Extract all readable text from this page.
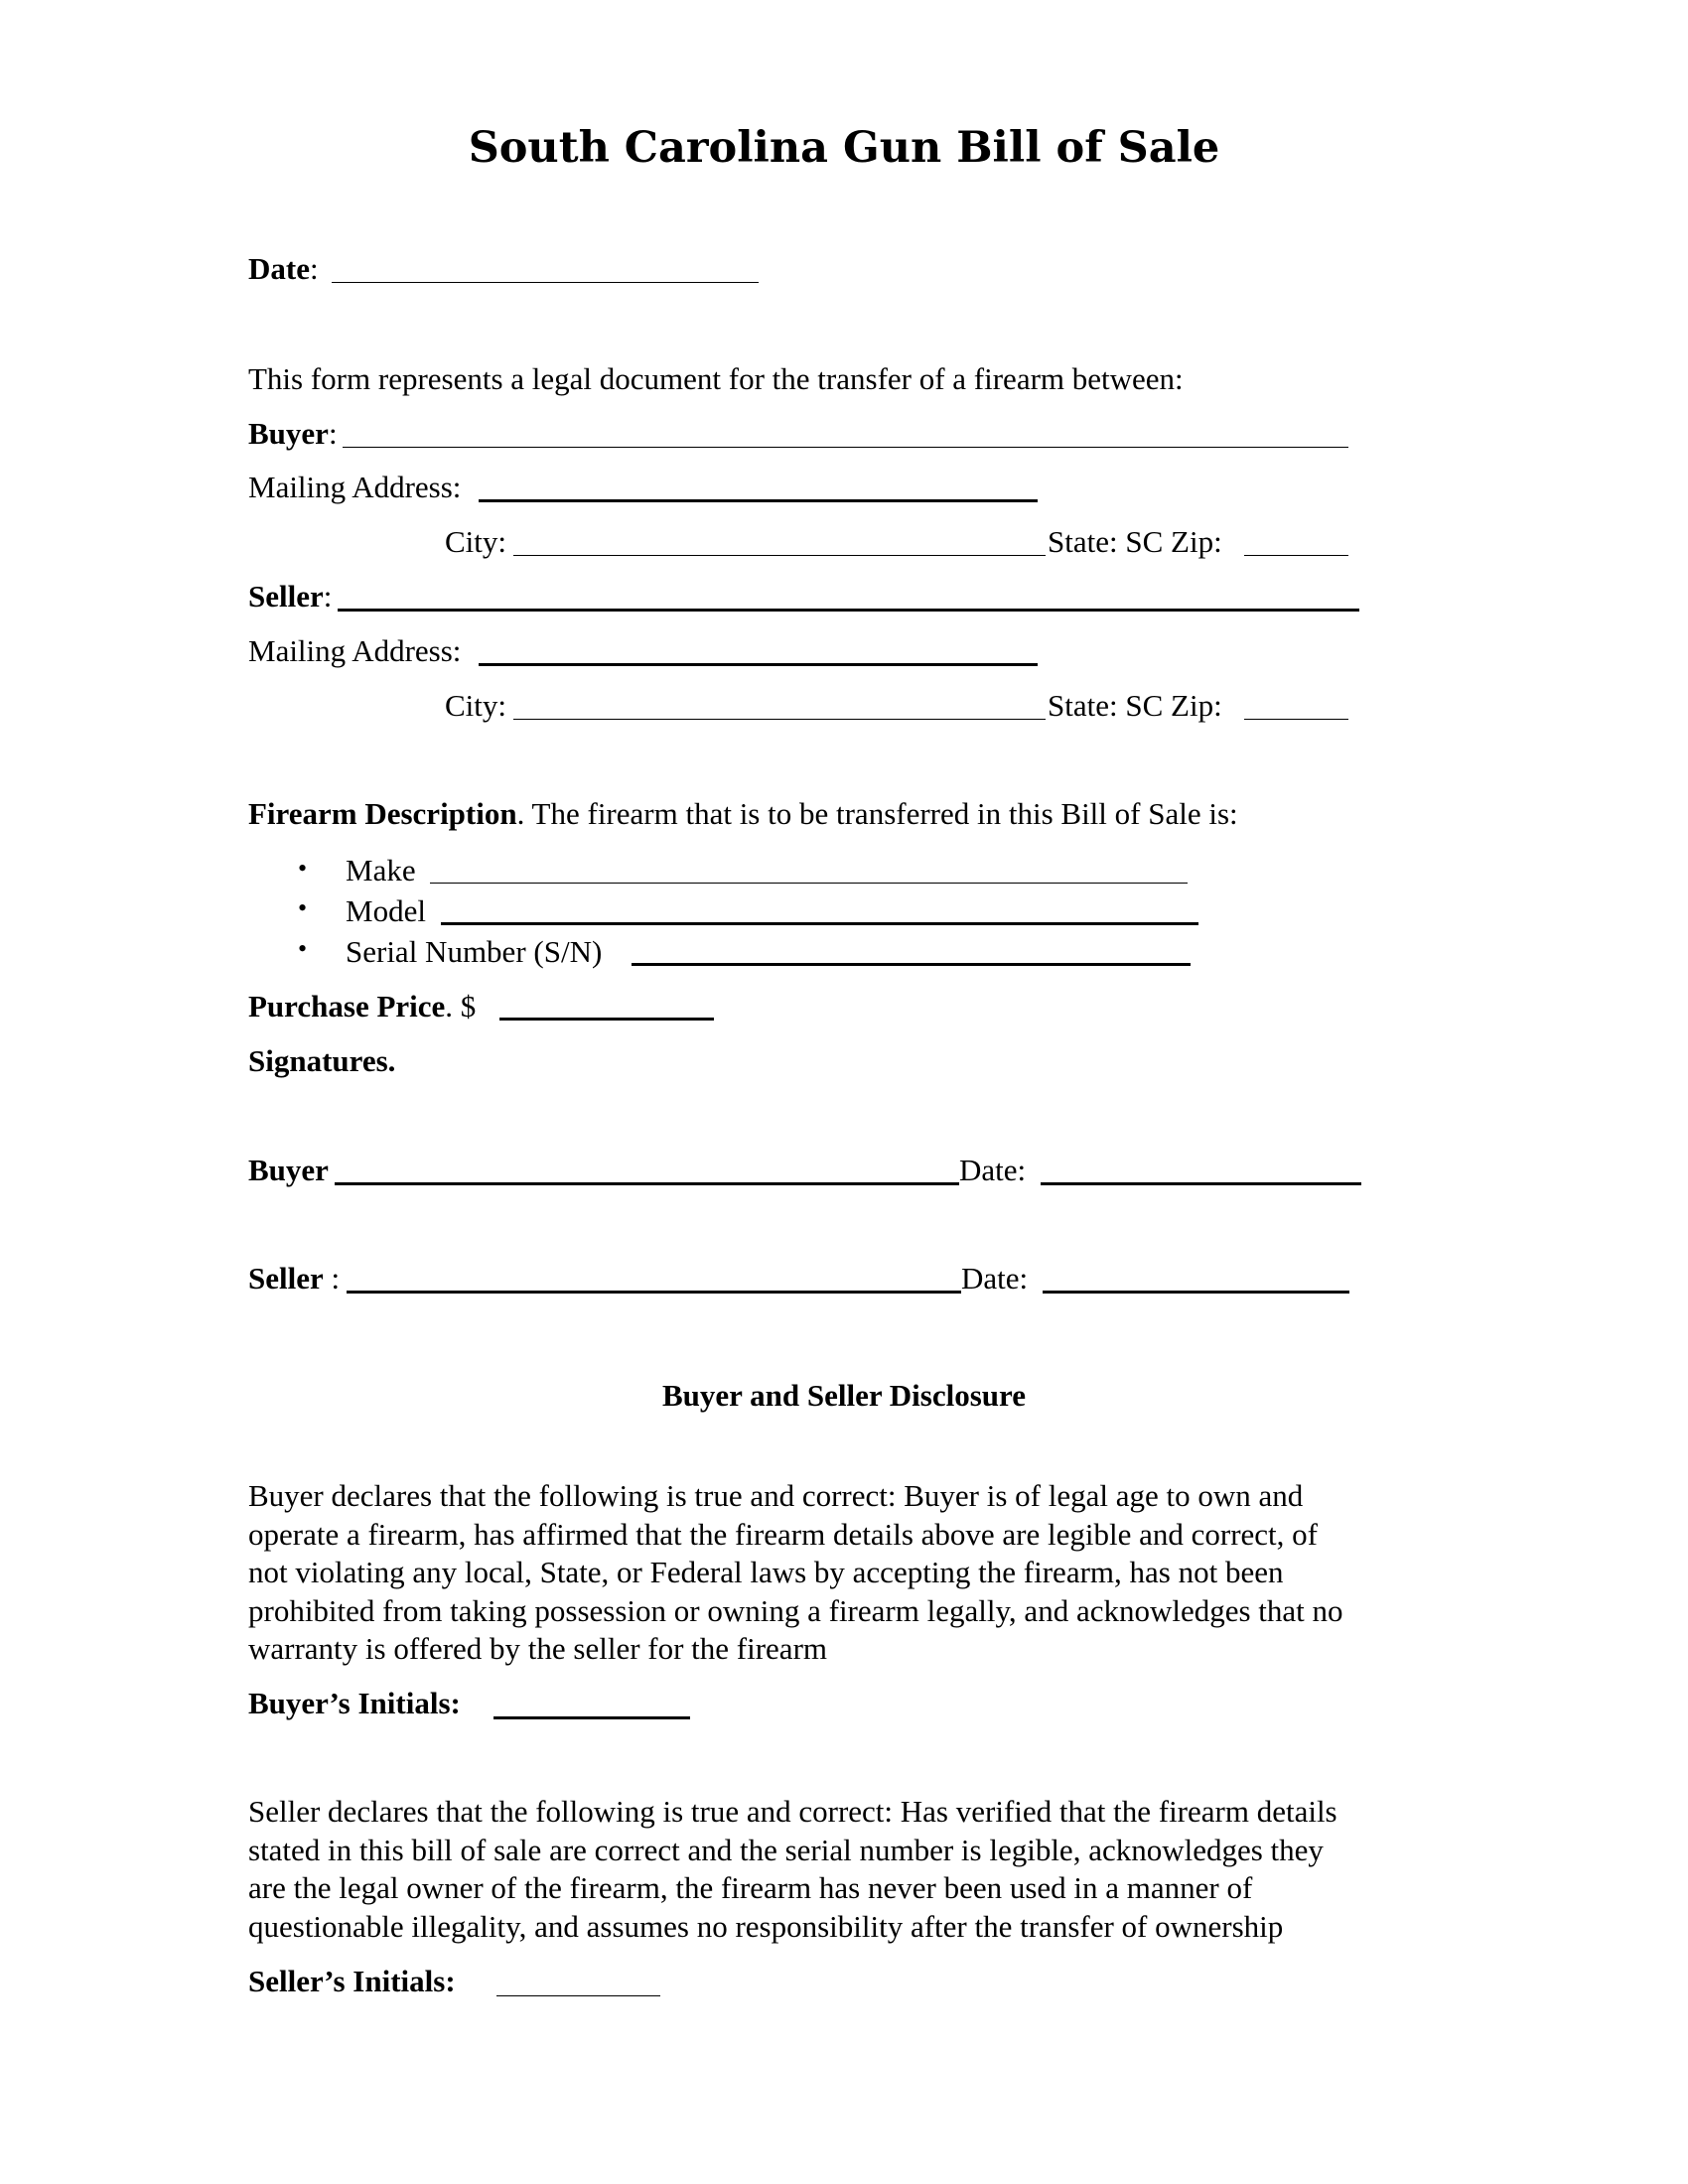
South Carolina Gun Bill of Sale
Date:
This form represents a legal document for the transfer of a firearm between:
Buyer:
Mailing Address:
City:	State: SC Zip:
Seller:
Mailing Address:
City:	State: SC Zip:
Firearm Description. The firearm that is to be transferred in this Bill of Sale is:
• Make
• Model
• Serial Number (S/N)
Purchase Price. $
Signatures.
Buyer	Date:
Seller :	Date:
Buyer and Seller Disclosure
Buyer declares that the following is true and correct: Buyer is of legal age to own and
operate a firearm, has affirmed that the firearm details above are legible and correct, of
not violating any local, State, or Federal laws by accepting the firearm, has not been
prohibited from taking possession or owning a firearm legally, and acknowledges that no
warranty is offered by the seller for the firearm
Buyer’s Initials:
Seller declares that the following is true and correct: Has verified that the firearm details
stated in this bill of sale are correct and the serial number is legible, acknowledges they
are the legal owner of the firearm, the firearm has never been used in a manner of
questionable illegality, and assumes no responsibility after the transfer of ownership
Seller’s Initials:
